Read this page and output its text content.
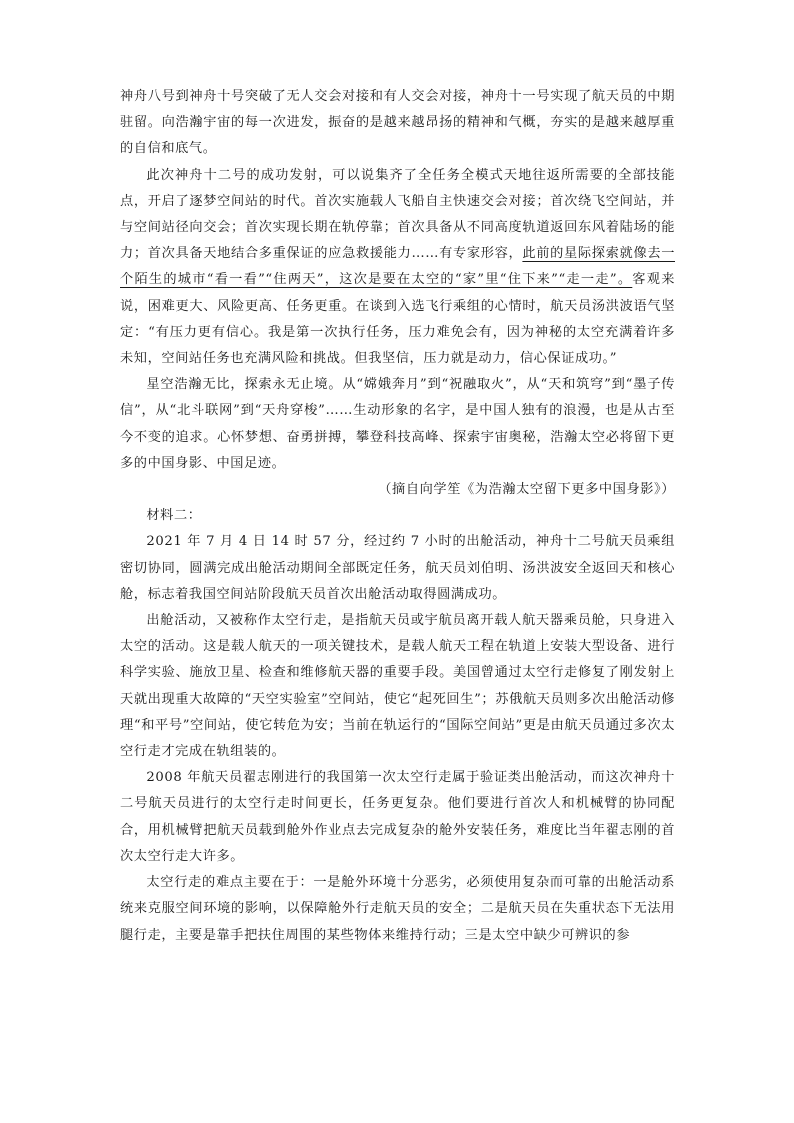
神舟八号到神舟十号突破了无人交会对接和有人交会对接，神舟十一号实现了航天员的中期驻留。向浩瀚宇宙的每一次进发，振奋的是越来越昂扬的精神和气概，夯实的是越来越厚重的自信和底气。

此次神舟十二号的成功发射，可以说集齐了全任务全模式天地往返所需要的全部技能点，开启了逐梦空间站的时代。首次实施载人飞船自主快速交会对接；首次绕飞空间站，并与空间站径向交会；首次实现长期在轨停靠；首次具备从不同高度轨道返回东风着陆场的能力；首次具备天地结合多重保证的应急救援能力……有专家形容，此前的星际探索就像去一个陌生的城市“看一看”“住两天”，这次是要在太空的“家”里“住下来”“走一走”。客观来说，困难更大、风险更高、任务更重。在谈到入选飞行乘组的心情时，航天员汤洪波语气坚定：“有压力更有信心。我是第一次执行任务，压力难免会有，因为神秘的太空充满着许多未知，空间站任务也充满风险和挑战。但我坚信，压力就是动力，信心保证成功。”

星空浩瀚无比，探索永无止境。从“嫦娥奔月”到“祝融取火”，从“天和筑穹”到“墨子传信”，从“北斗联网”到“天舟穿梭”……生动形象的名字，是中国人独有的浪漫，也是从古至今不变的追求。心怀梦想、奋勇拼搏，攀登科技高峰、探索宇宙奥秘，浩瀚太空必将留下更多的中国身影、中国足迹。

（摘自向学笙《为浩瀚太空留下更多中国身影》）

材料二：

2021 年 7 月 4 日 14 时 57 分，经过约 7 小时的出舱活动，神舟十二号航天员乘组密切协同，圆满完成出舱活动期间全部既定任务，航天员刘伯明、汤洪波安全返回天和核心舱，标志着我国空间站阶段航天员首次出舱活动取得圆满成功。

出舱活动，又被称作太空行走，是指航天员或宇航员离开载人航天器乘员舱，只身进入太空的活动。这是载人航天的一项关键技术，是载人航天工程在轨道上安装大型设备、进行科学实验、施放卫星、检查和维修航天器的重要手段。美国曾通过太空行走修复了刚发射上天就出现重大故障的“天空实验室”空间站，使它“起死回生”；苏俄航天员则多次出舱活动修理“和平号”空间站，使它转危为安；当前在轨运行的“国际空间站”更是由航天员通过多次太空行走才完成在轨组装的。

2008 年航天员翟志刚进行的我国第一次太空行走属于验证类出舱活动，而这次神舟十二号航天员进行的太空行走时间更长，任务更复杂。他们要进行首次人和机械臂的协同配合，用机械臂把航天员载到舱外作业点去完成复杂的舱外安装任务，难度比当年翟志刚的首次太空行走大许多。

太空行走的难点主要在于：一是舱外环境十分恶劣，必须使用复杂而可靠的出舱活动系统来克服空间环境的影响，以保障舱外行走航天员的安全；二是航天员在失重状态下无法用腿行走，主要是靠手把扶住周围的某些物体来维持行动；三是太空中缺少可辨识的参
